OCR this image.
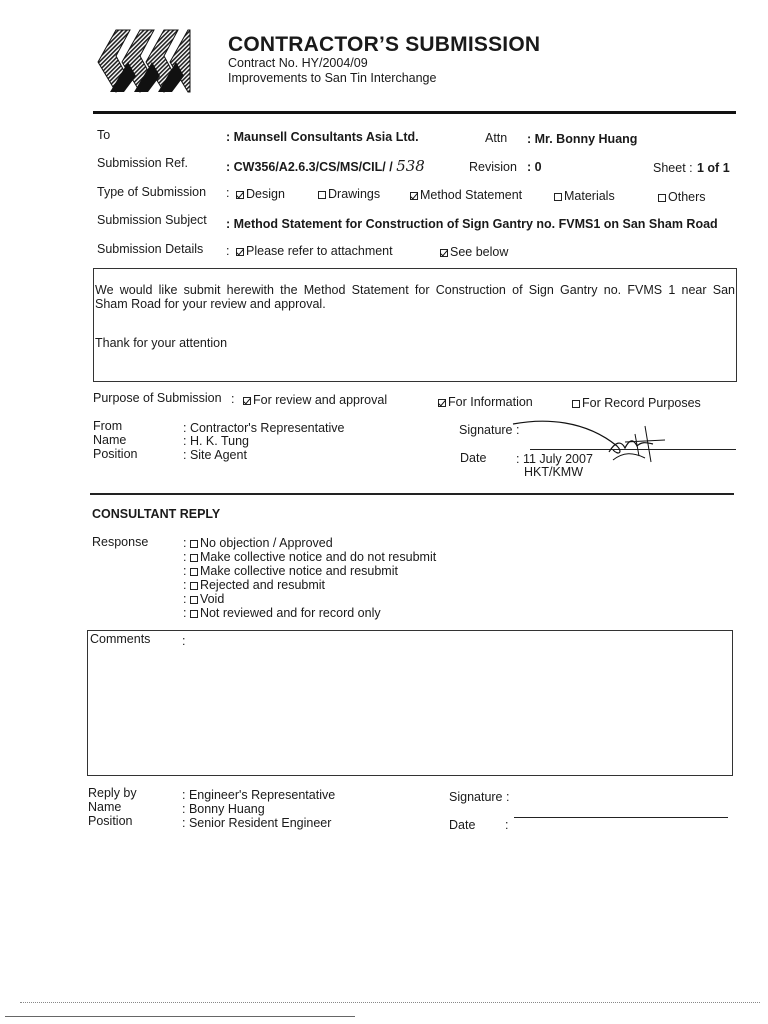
CONTRACTOR’S SUBMISSION
Contract No. HY/2004/09
Improvements to San Tin Interchange
To	: Maunsell Consultants Asia Ltd.	Attn : Mr. Bonny Huang
Submission Ref.	: CW356/A2.6.3/CS/MS/CIL/ / 538	Revision : 0	Sheet : 1 of 1
Type of Submission :	Design	Drawings	Method Statement	Materials	Others
Submission Subject : Method Statement for Construction of Sign Gantry no. FVMS1 on San Sham Road
Submission Details :	Please refer to attachment	See below
We would like submit herewith the Method Statement for Construction of Sign Gantry no. FVMS 1 near San
Sham Road for your review and approval.
Thank for your attention
Purpose of Submission :	For review and approval	For Information	For Record Purposes
From	: Contractor's Representative
Name	: H. K. Tung
Position	: Site Agent
Signature :
Date : 11 July 2007
HKT/KMW
CONSULTANT REPLY
Response	: No objection / Approved
: Make collective notice and do not resubmit
: Make collective notice and resubmit
: Rejected and resubmit
: Void
: Not reviewed and for record only
Comments	:
Reply by	: Engineer's Representative
Name	: Bonny Huang
Position	: Senior Resident Engineer
Signature :
Date :
